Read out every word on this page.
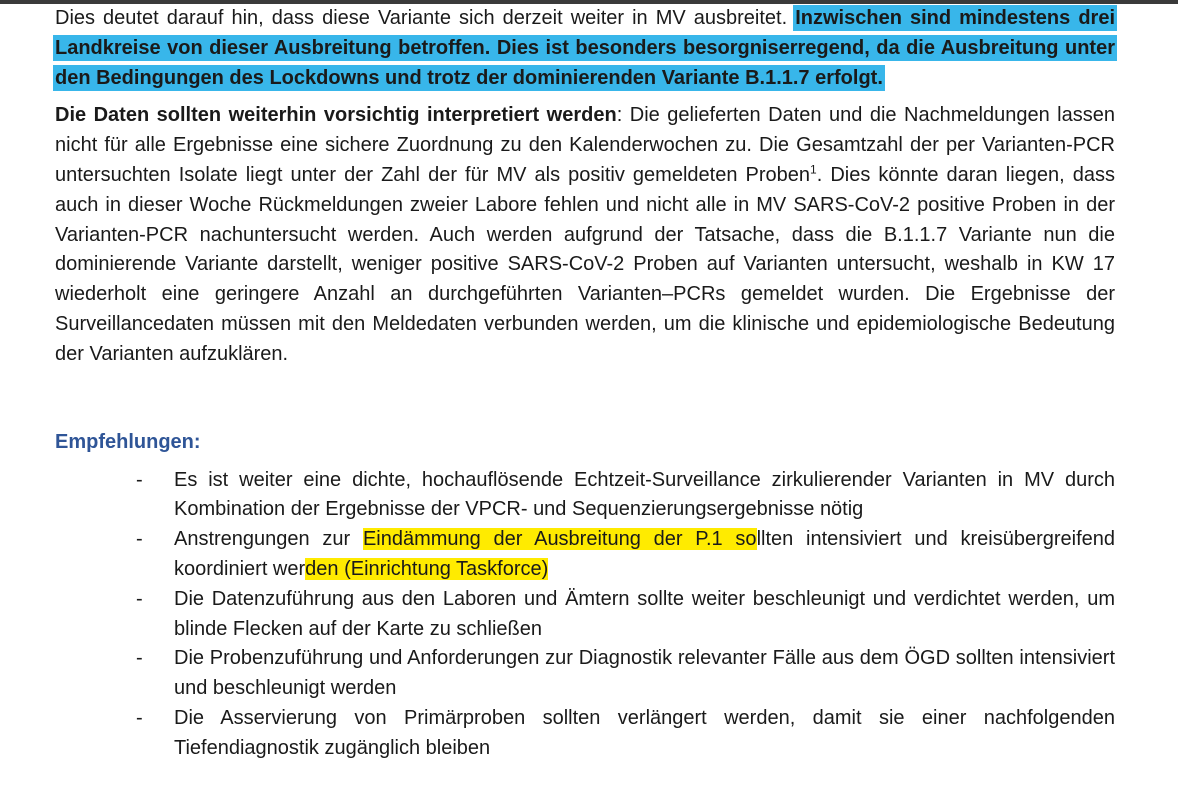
Dies deutet darauf hin, dass diese Variante sich derzeit weiter in MV ausbreitet. Inzwischen sind mindestens drei Landkreise von dieser Ausbreitung betroffen. Dies ist besonders besorgniserregend, da die Ausbreitung unter den Bedingungen des Lockdowns und trotz der dominierenden Variante B.1.1.7 erfolgt.

Die Daten sollten weiterhin vorsichtig interpretiert werden: Die gelieferten Daten und die Nachmeldungen lassen nicht für alle Ergebnisse eine sichere Zuordnung zu den Kalenderwochen zu. Die Gesamtzahl der per Varianten-PCR untersuchten Isolate liegt unter der Zahl der für MV als positiv gemeldeten Proben$^1$. Dies könnte daran liegen, dass auch in dieser Woche Rückmeldungen zweier Labore fehlen und nicht alle in MV SARS-CoV-2 positive Proben in der Varianten-PCR nachuntersucht werden. Auch werden aufgrund der Tatsache, dass die B.1.1.7 Variante nun die dominierende Variante darstellt, weniger positive SARS-CoV-2 Proben auf Varianten untersucht, weshalb in KW 17 wiederholt eine geringere Anzahl an durchgeführten Varianten–PCRs gemeldet wurden. Die Ergebnisse der Surveillancedaten müssen mit den Meldedaten verbunden werden, um die klinische und epidemiologische Bedeutung der Varianten aufzuklären.

Empfehlungen:
- Es ist weiter eine dichte, hochauflösende Echtzeit-Surveillance zirkulierender Varianten in MV durch Kombination der Ergebnisse der VPCR- und Sequenzierungsergebnisse nötig
- Anstrengungen zur Eindämmung der Ausbreitung der P.1 sollten intensiviert und kreisübergreifend koordiniert werden (Einrichtung Taskforce)
- Die Datenzuführung aus den Laboren und Ämtern sollte weiter beschleunigt und verdichtet werden, um blinde Flecken auf der Karte zu schließen
- Die Probenzuführung und Anforderungen zur Diagnostik relevanter Fälle aus dem ÖGD sollten intensiviert und beschleunigt werden
- Die Asservierung von Primärproben sollten verlängert werden, damit sie einer nachfolgenden Tiefendiagnostik zugänglich bleiben
